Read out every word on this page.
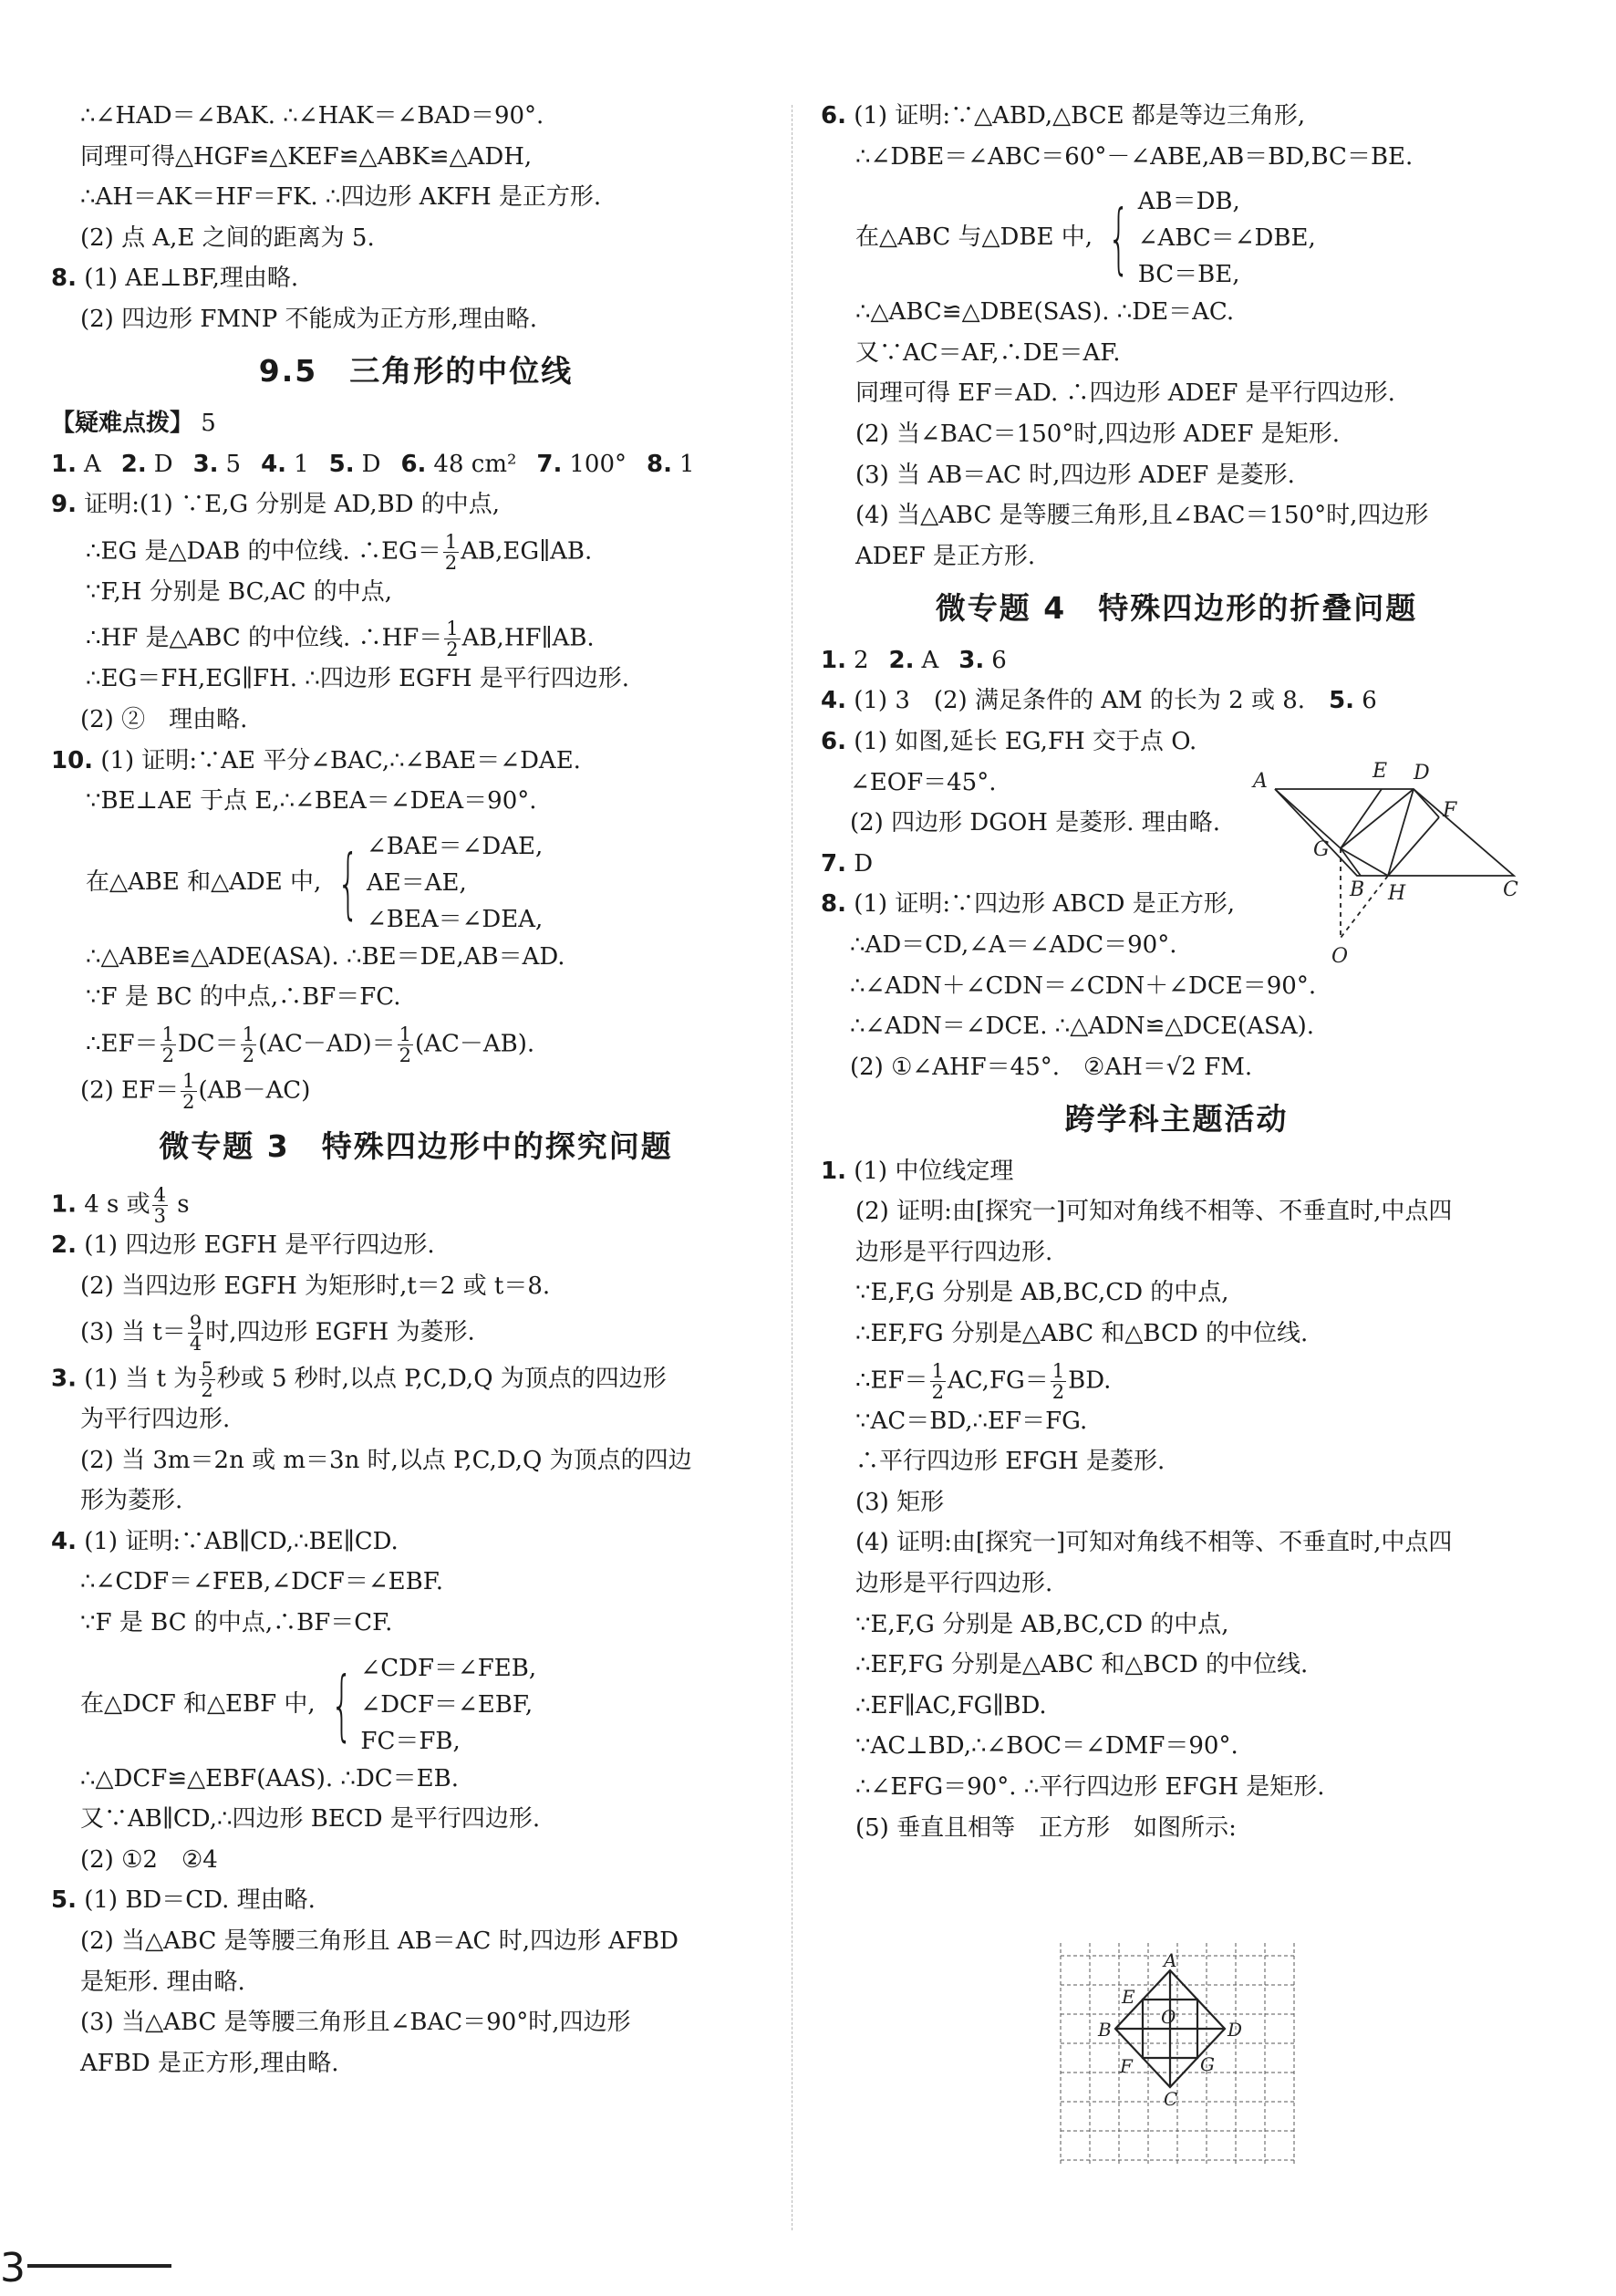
∴∠HAD＝∠BAK. ∴∠HAK＝∠BAD＝90°.
同理可得△HGF≌△KEF≌△ABK≌△ADH,
∴AH＝AK＝HF＝FK. ∴四边形 AKFH 是正方形.
(2) 点 A,E 之间的距离为 5.
8. (1) AE⊥BF,理由略.
(2) 四边形 FMNP 不能成为正方形,理由略.
9.5　三角形的中位线
【疑难点拨】 5
1. A 2. D 3. 5 4. 1 5. D 6. 48 cm² 7. 100° 8. 1
9. 证明:(1) ∵E,G 分别是 AD,BD 的中点,
∴EG 是△DAB 的中位线. ∴EG＝ $\frac{1}{2}$ AB,EG∥AB.
∵F,H 分别是 BC,AC 的中点,
∴HF 是△ABC 的中位线. ∴HF＝ $\frac{1}{2}$ AB,HF∥AB.
∴EG＝FH,EG∥FH. ∴四边形 EGFH 是平行四边形.
(2) ②　理由略.
10. (1) 证明:∵AE 平分∠BAC,∴∠BAE＝∠DAE.
∵BE⊥AE 于点 E,∴∠BEA＝∠DEA＝90°.
在△ABE 和△ADE 中, { ∠BAE＝∠DAE,
AE＝AE,
∠BEA＝∠DEA,
∴△ABE≌△ADE(ASA). ∴BE＝DE,AB＝AD.
∵F 是 BC 的中点,∴BF＝FC.
∴EF＝ $\frac{1}{2} DC= \frac{1}{2} (AC-AD)= \frac{1}{2} (AC-AB)$.
(2) $EF= \frac{1}{2} (AB-AC)$
微专题 3　特殊四边形中的探究问题
1. 4 s 或 $\frac{4}{3}$ s
2. (1) 四边形 EGFH 是平行四边形.
(2) 当四边形 EGFH 为矩形时,t＝2 或 t＝8.
(3) 当 $t= \frac{9}{4}$ 时,四边形 EGFH 为菱形.
3. (1) 当 t 为 $\frac{5}{2}$ 秒或 5 秒时,以点 P,C,D,Q 为顶点的四边形
为平行四边形.
(2) 当 3m＝2n 或 m＝3n 时,以点 P,C,D,Q 为顶点的四边
形为菱形.
4. (1) 证明:∵AB∥CD,∴BE∥CD.
∴∠CDF＝∠FEB,∠DCF＝∠EBF.
∵F 是 BC 的中点,∴BF＝CF.
在△DCF 和△EBF 中, { ∠CDF＝∠FEB,
∠DCF＝∠EBF,
FC＝FB,
∴△DCF≌△EBF(AAS). ∴DC＝EB.
又∵AB∥CD,∴四边形 BECD 是平行四边形.
(2) ①2　②4
5. (1) BD＝CD. 理由略.
(2) 当△ABC 是等腰三角形且 AB＝AC 时,四边形 AFBD
是矩形. 理由略.
(3) 当△ABC 是等腰三角形且∠BAC＝90°时,四边形
AFBD 是正方形,理由略.
6. (1) 证明:∵△ABD,△BCE 都是等边三角形,
∴∠DBE＝∠ABC＝60°－∠ABE,AB＝BD,BC＝BE.
在△ABC 与△DBE 中, { AB＝DB,
∠ABC＝∠DBE,
BC＝BE,
∴△ABC≌△DBE(SAS). ∴DE＝AC.
又∵AC＝AF,∴DE＝AF.
同理可得 EF＝AD. ∴四边形 ADEF 是平行四边形.
(2) 当∠BAC＝150°时,四边形 ADEF 是矩形.
(3) 当 AB＝AC 时,四边形 ADEF 是菱形.
(4) 当△ABC 是等腰三角形,且∠BAC＝150°时,四边形
ADEF 是正方形.
微专题 4　特殊四边形的折叠问题
1. 2 2. A 3. 6
4. (1) 3　(2) 满足条件的 AM 的长为 2 或 8.　 5. 6
6. (1) 如图,延长 EG,FH 交于点 O.
∠EOF＝45°.
(2) 四边形 DGOH 是菱形. 理由略.
7. D
8. (1) 证明:∵四边形 ABCD 是正方形,
∴AD＝CD,∠A＝∠ADC＝90°.
∴∠ADN＋∠CDN＝∠CDN＋∠DCE＝90°.
∴∠ADN＝∠DCE. ∴△ADN≌△DCE(ASA).
(2) ①∠AHF＝45°.　②AH＝√2 FM.
跨学科主题活动
1. (1) 中位线定理
(2) 证明:由[探究一]可知对角线不相等、不垂直时,中点四
边形是平行四边形.
∵E,F,G 分别是 AB,BC,CD 的中点,
∴EF,FG 分别是△ABC 和△BCD 的中位线.
∴EF＝ $\frac{1}{2} AC,FG= \frac{1}{2}$ BD.
∵AC＝BD,∴EF＝FG.
∴平行四边形 EFGH 是菱形.
(3) 矩形
(4) 证明:由[探究一]可知对角线不相等、不垂直时,中点四
边形是平行四边形.
∵E,F,G 分别是 AB,BC,CD 的中点,
∴EF,FG 分别是△ABC 和△BCD 的中位线.
∴EF∥AC,FG∥BD.
∵AC⊥BD,∴∠BOC＝∠DMF＝90°.
∴∠EFG＝90°. ∴平行四边形 EFGH 是矩形.
(5) 垂直且相等　正方形　如图所示:
A	E D
F
G
B H	C
O
A
E
B
O
D
F	G
C
3
